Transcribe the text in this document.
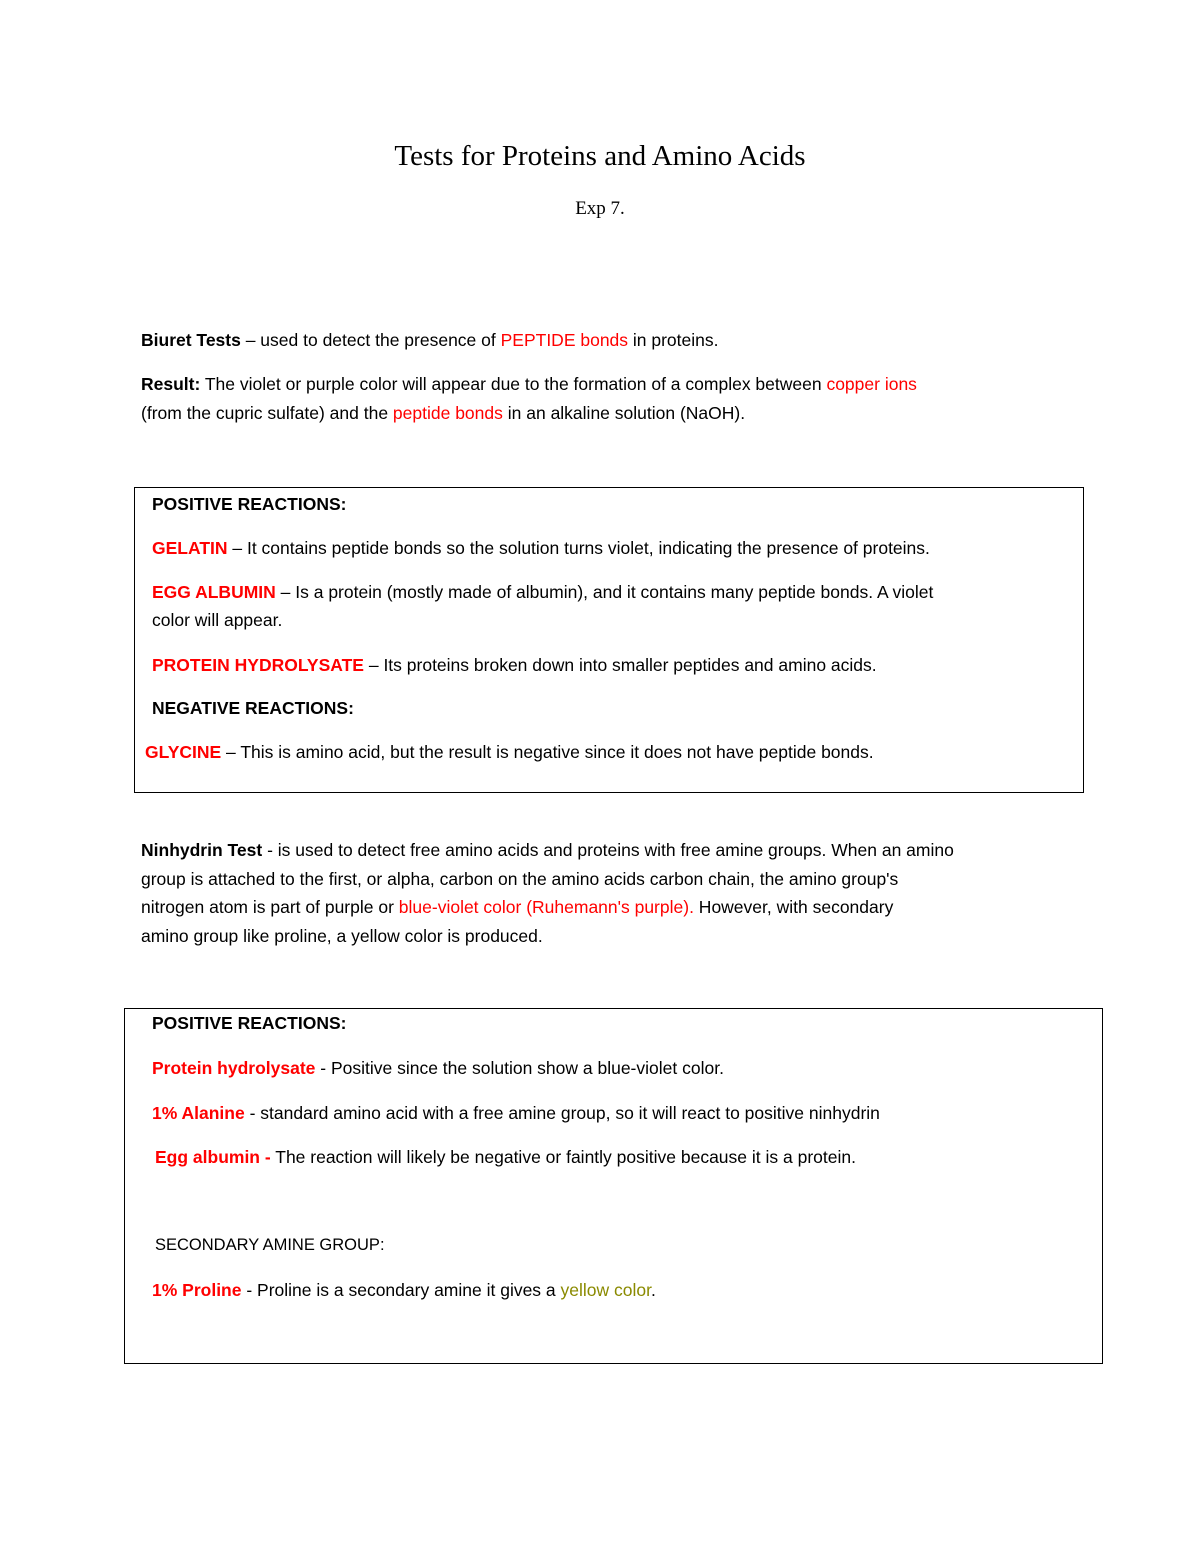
Tests for Proteins and Amino Acids
Exp 7.

Biuret Tests – used to detect the presence of PEPTIDE bonds in proteins.

Result: The violet or purple color will appear due to the formation of a complex between copper ions
(from the cupric sulfate) and the peptide bonds in an alkaline solution (NaOH).
POSITIVE REACTIONS:
GELATIN – It contains peptide bonds so the solution turns violet, indicating the presence of proteins.
EGG ALBUMIN – Is a protein (mostly made of albumin), and it contains many peptide bonds. A violet
color will appear.
PROTEIN HYDROLYSATE – Its proteins broken down into smaller peptides and amino acids.
NEGATIVE REACTIONS:
GLYCINE – This is amino acid, but the result is negative since it does not have peptide bonds.
Ninhydrin Test - is used to detect free amino acids and proteins with free amine groups. When an amino
group is attached to the first, or alpha, carbon on the amino acids carbon chain, the amino group's
nitrogen atom is part of purple or blue-violet color (Ruhemann's purple). However, with secondary
amino group like proline, a yellow color is produced.
POSITIVE REACTIONS:
Protein hydrolysate - Positive since the solution show a blue-violet color.
1% Alanine - standard amino acid with a free amine group, so it will react to positive ninhydrin
Egg albumin - The reaction will likely be negative or faintly positive because it is a protein.
SECONDARY AMINE GROUP:
1% Proline - Proline is a secondary amine it gives a yellow color.
